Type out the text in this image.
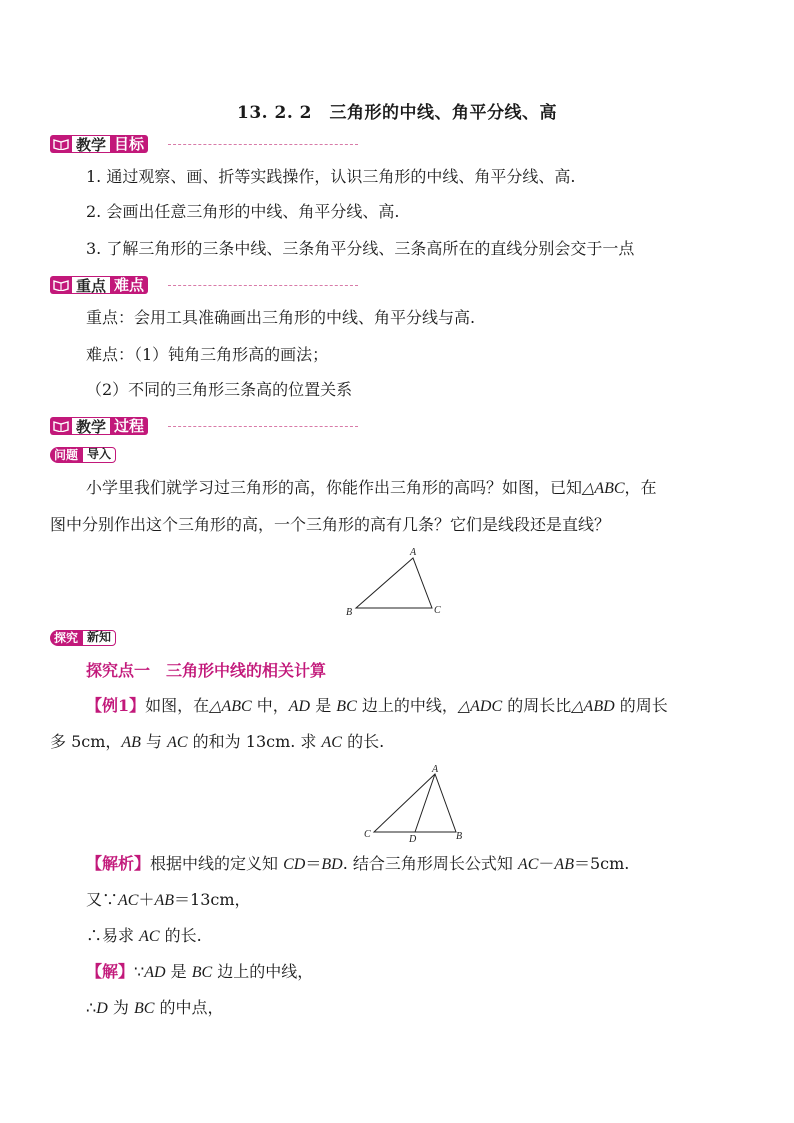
13. 2. 2　三角形的中线、角平分线、高
教学 目标
1. 通过观察、画、折等实践操作，认识三角形的中线、角平分线、高.
2. 会画出任意三角形的中线、角平分线、高.
3. 了解三角形的三条中线、三条角平分线、三条高所在的直线分别会交于一点
重点 难点
重点：会用工具准确画出三角形的中线、角平分线与高.
难点：（1）钝角三角形高的画法；
（2）不同的三角形三条高的位置关系
教学 过程
问题 导入
小学里我们就学习过三角形的高，你能作出三角形的高吗？如图，已知△ABC，在
图中分别作出这个三角形的高，一个三角形的高有几条？它们是线段还是直线？
A
B	C
探究 新知
探究点一　三角形中线的相关计算
【例1】如图，在△ABC 中，AD 是 BC 边上的中线，△ADC 的周长比△ABD 的周长
多 5cm，AB 与 AC 的和为 13cm. 求 AC 的长.
A
C	D	B
【解析】根据中线的定义知 CD＝BD. 结合三角形周长公式知 AC－AB＝5cm.
又∵AC＋AB＝13cm，
∴易求 AC 的长.
【解】∵AD 是 BC 边上的中线，
∴D 为 BC 的中点，
